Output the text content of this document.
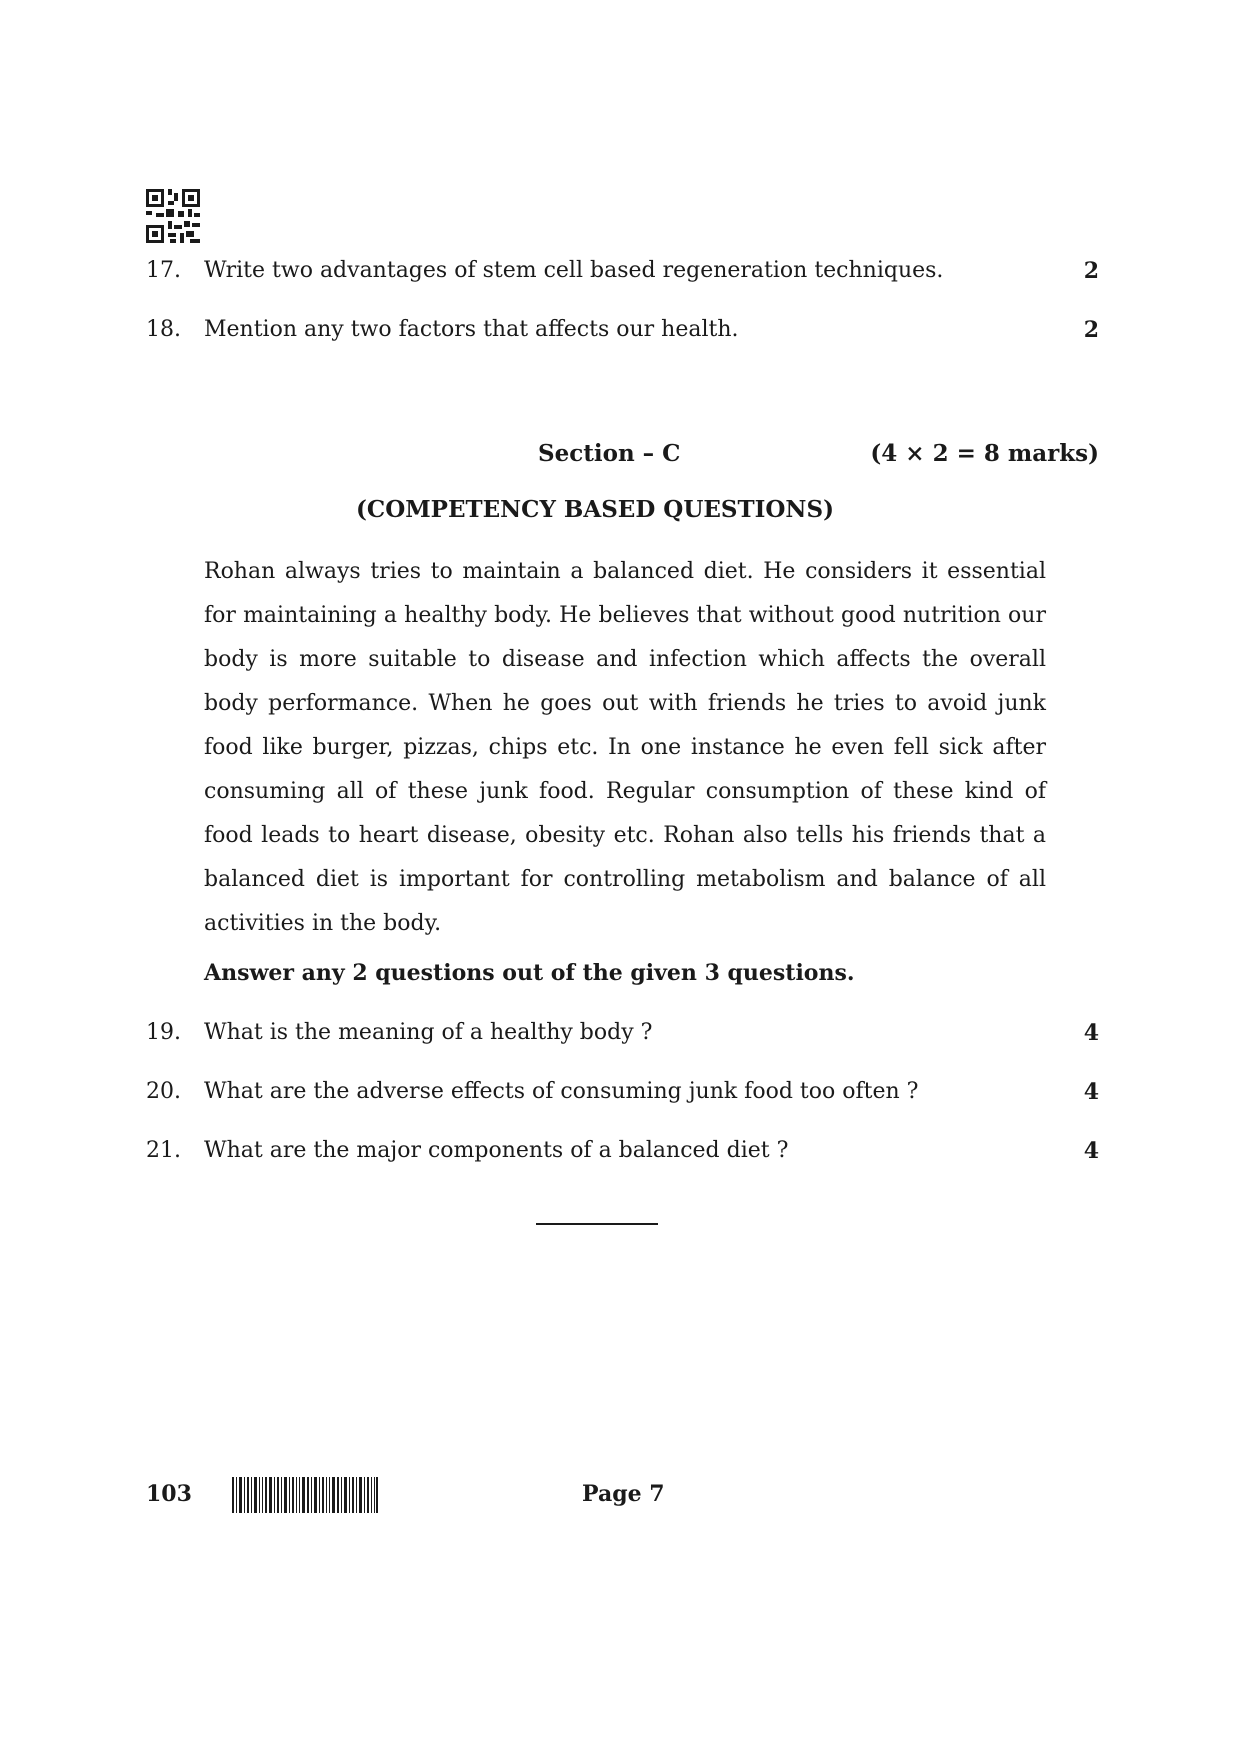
17.	Write two advantages of stem cell based regeneration techniques.	2
18.	Mention any two factors that affects our health.	2
Section – C	(4 × 2 = 8 marks)
(COMPETENCY BASED QUESTIONS)

Rohan always tries to maintain a balanced diet. He considers it essential for maintaining a healthy body. He believes that without good nutrition our body is more suitable to disease and infection which affects the overall body performance. When he goes out with friends he tries to avoid junk food like burger, pizzas, chips etc. In one instance he even fell sick after consuming all of these junk food. Regular consumption of these kind of food leads to heart disease, obesity etc. Rohan also tells his friends that a balanced diet is important for controlling metabolism and balance of all activities in the body.

Answer any 2 questions out of the given 3 questions.
19.	What is the meaning of a healthy body ?	4
20.	What are the adverse effects of consuming junk food too often ?	4
21.	What are the major components of a balanced diet ?	4
103	Page 7
